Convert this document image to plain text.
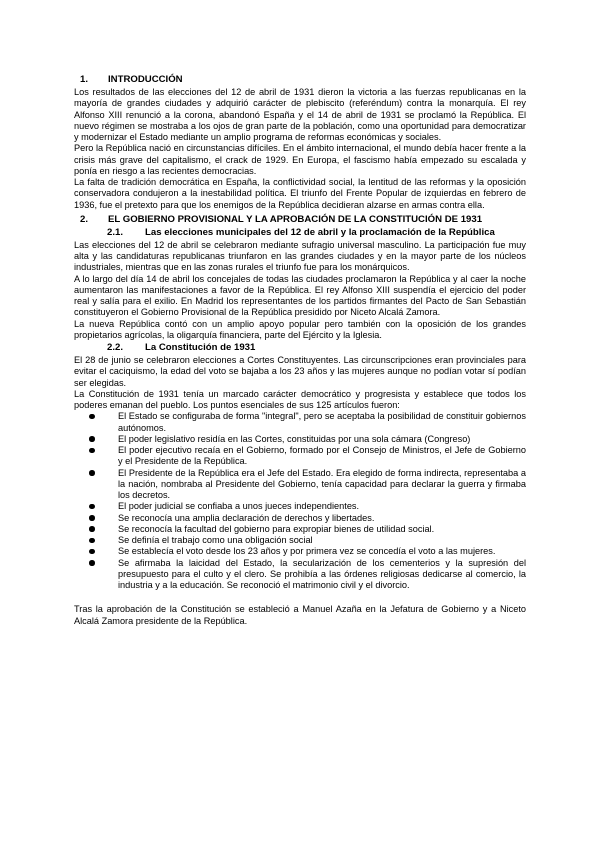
1.	INTRODUCCIÓN

Los resultados de las elecciones del 12 de abril de 1931 dieron la victoria a las fuerzas republicanas en la mayoría de grandes ciudades y adquirió carácter de plebiscito (referéndum) contra la monarquía. El rey Alfonso XIII renunció a la corona, abandonó España y el 14 de abril de 1931 se proclamó la República. El nuevo régimen se mostraba a los ojos de gran parte de la población, como una oportunidad para democratizar y modernizar el Estado mediante un amplio programa de reformas económicas y sociales.

Pero la República nació en circunstancias difíciles. En el ámbito internacional, el mundo debía hacer frente a la crisis más grave del capitalismo, el crack de 1929. En Europa, el fascismo había empezado su escalada y ponía en riesgo a las recientes democracias.

La falta de tradición democrática en España, la conflictividad social, la lentitud de las reformas y la oposición conservadora condujeron a la inestabilidad política. El triunfo del Frente Popular de izquierdas en febrero de 1936, fue el pretexto para que los enemigos de la República decidieran alzarse en armas contra ella.

2.	EL GOBIERNO PROVISIONAL Y LA APROBACIÓN DE LA CONSTITUCIÓN DE 1931
2.1.	Las elecciones municipales del 12 de abril y la proclamación de la República

Las elecciones del 12 de abril se celebraron mediante sufragio universal masculino. La participación fue muy alta y las candidaturas republicanas triunfaron en las grandes ciudades y en la mayor parte de los núcleos industriales, mientras que en las zonas rurales el triunfo fue para los monárquicos.

A lo largo del día 14 de abril los concejales de todas las ciudades proclamaron la República y al caer la noche aumentaron las manifestaciones a favor de la República. El rey Alfonso XIII suspendía el ejercicio del poder real y salía para el exilio. En Madrid los representantes de los partidos firmantes del Pacto de San Sebastián constituyeron el Gobierno Provisional de la República presidido por Niceto Alcalá Zamora.

La nueva República contó con un amplio apoyo popular pero también con la oposición de los grandes propietarios agrícolas, la oligarquía financiera, parte del Ejército y la Iglesia.

2.2.	La Constitución de 1931

El 28 de junio se celebraron elecciones a Cortes Constituyentes. Las circunscripciones eran provinciales para evitar el caciquismo, la edad del voto se bajaba a los 23 años y las mujeres aunque no podían votar sí podían ser elegidas.

La Constitución de 1931 tenía un marcado carácter democrático y progresista y establece que todos los poderes emanan del pueblo. Los puntos esenciales de sus 125 artículos fueron:

El Estado se configuraba de forma "integral", pero se aceptaba la posibilidad de constituir gobiernos autónomos.
El poder legislativo residía en las Cortes, constituidas por una sola cámara (Congreso)
El poder ejecutivo recaía en el Gobierno, formado por el Consejo de Ministros, el Jefe de Gobierno y el Presidente de la República.
El Presidente de la República era el Jefe del Estado. Era elegido de forma indirecta, representaba a la nación, nombraba al Presidente del Gobierno, tenía capacidad para declarar la guerra y firmaba los decretos.
El poder judicial se confiaba a unos jueces independientes.
Se reconocía una amplia declaración de derechos y libertades.
Se reconocía la facultad del gobierno para expropiar bienes de utilidad social.
Se definía el trabajo como una obligación social
Se establecía el voto desde los 23 años y por primera vez se concedía el voto a las mujeres.
Se afirmaba la laicidad del Estado, la secularización de los cementerios y la supresión del presupuesto para el culto y el clero. Se prohibía a las órdenes religiosas dedicarse al comercio, la industria y a la educación. Se reconoció el matrimonio civil y el divorcio.

Tras la aprobación de la Constitución se estableció a Manuel Azaña en la Jefatura de Gobierno y a Niceto Alcalá Zamora presidente de la República.
